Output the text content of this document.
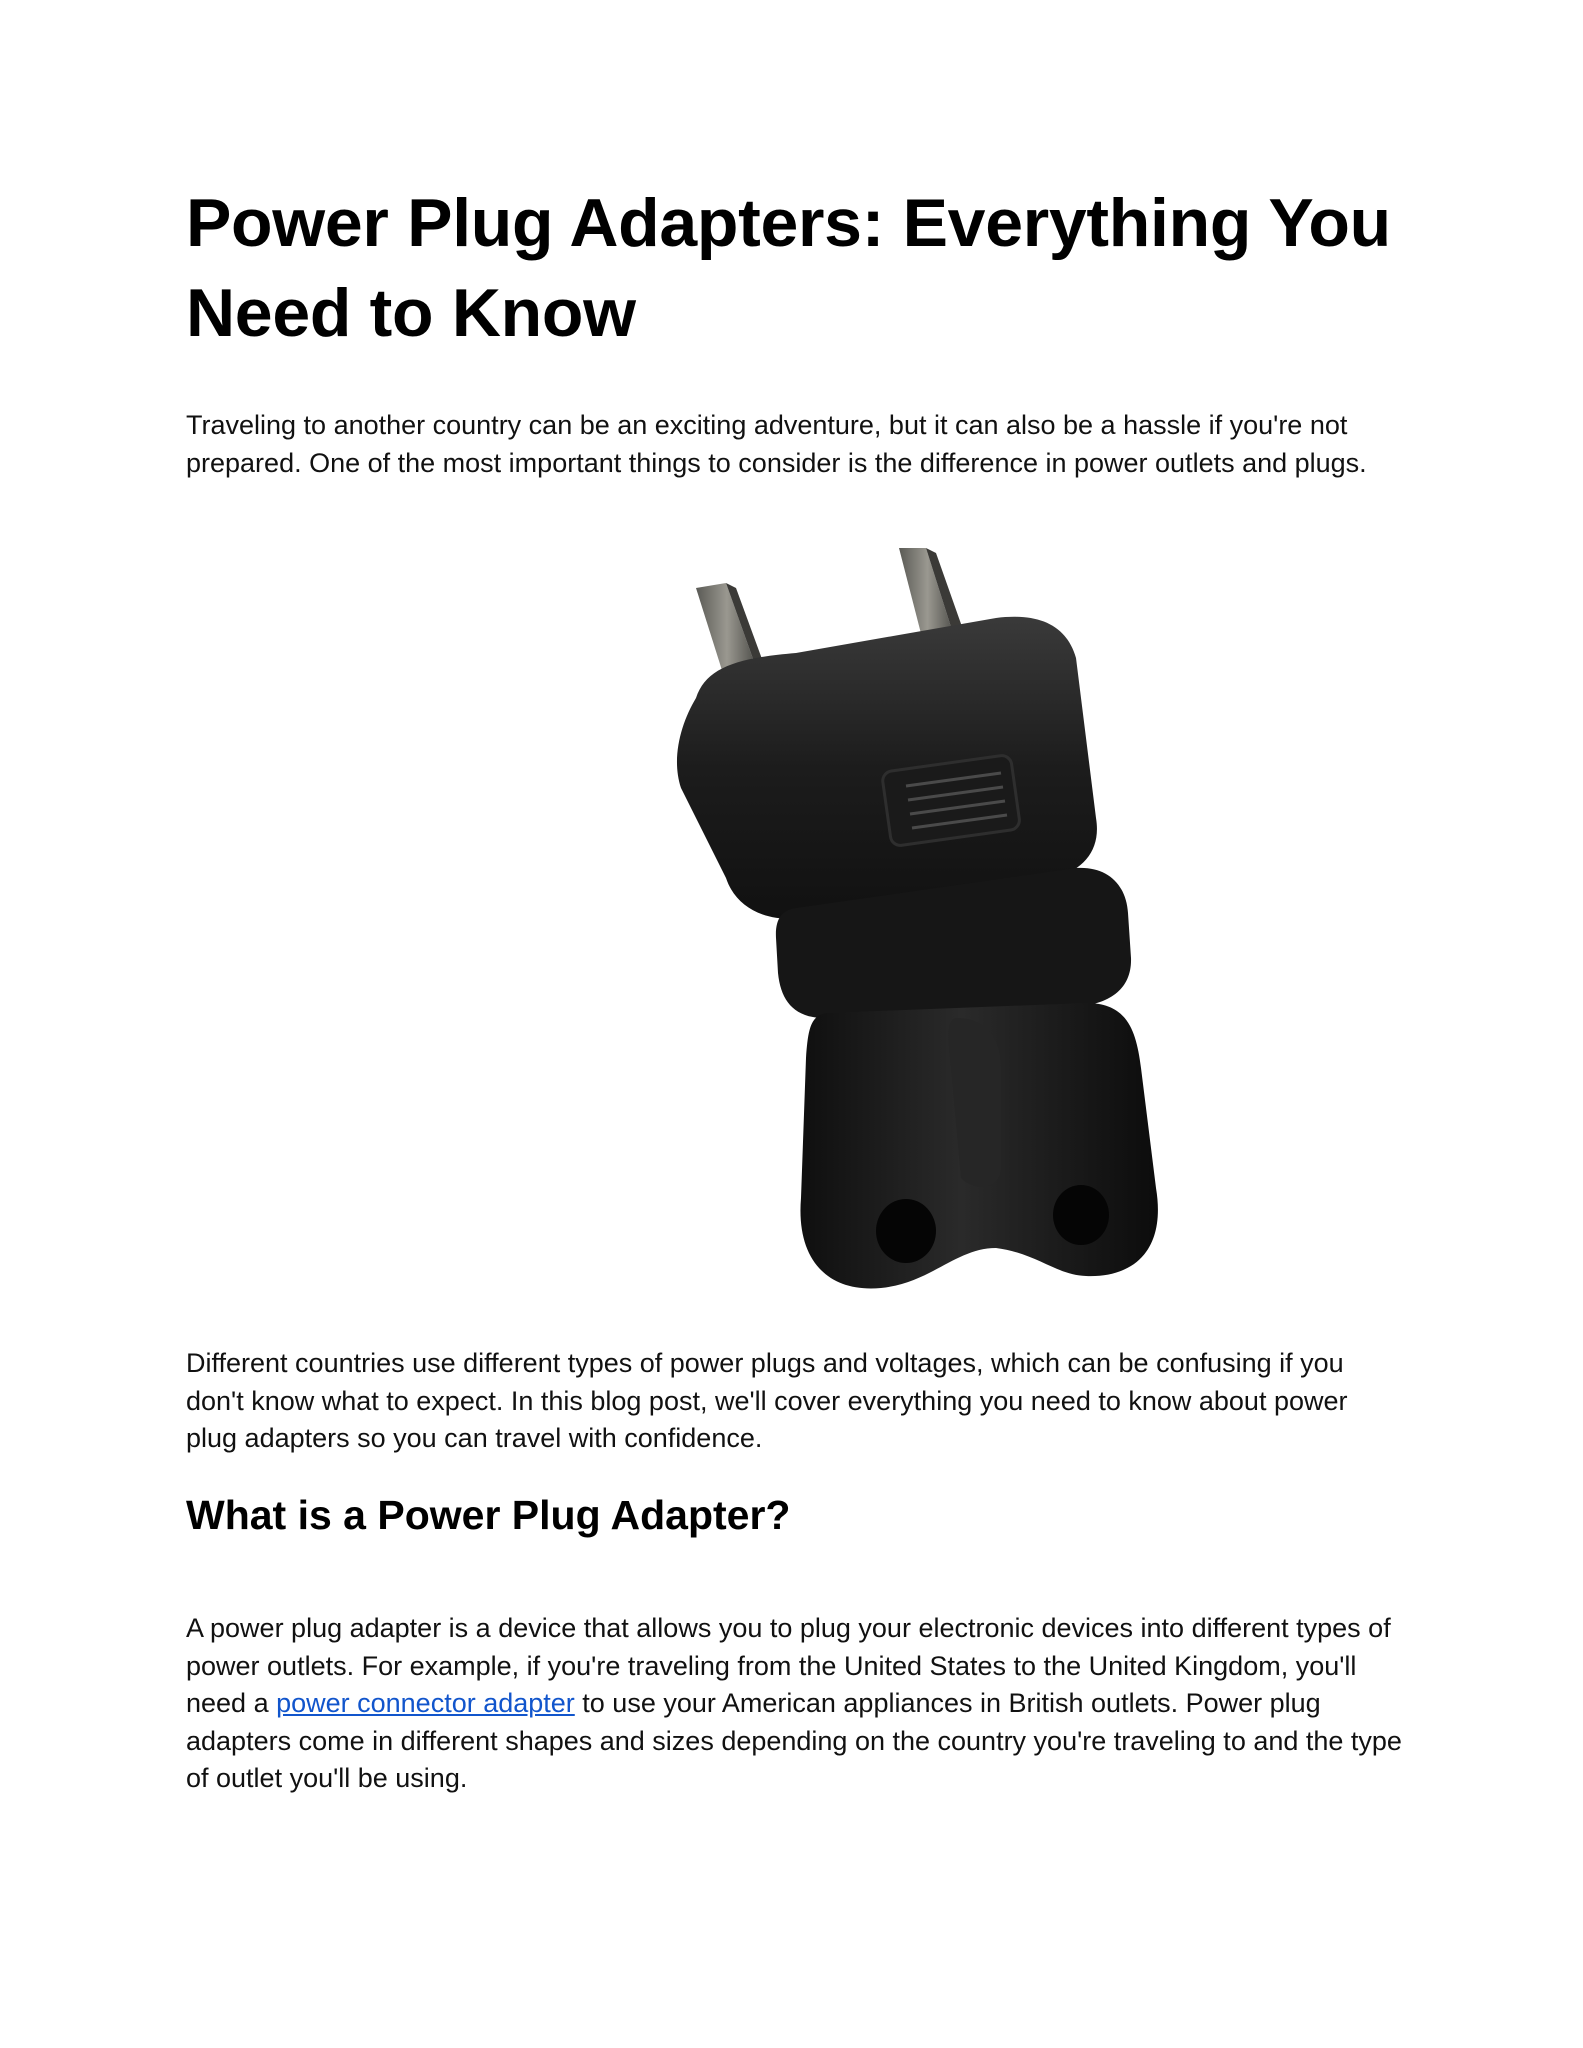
Power Plug Adapters: Everything You Need to Know

Traveling to another country can be an exciting adventure, but it can also be a hassle if you're not prepared. One of the most important things to consider is the difference in power outlets and plugs.

Different countries use different types of power plugs and voltages, which can be confusing if you don't know what to expect. In this blog post, we'll cover everything you need to know about power plug adapters so you can travel with confidence.

What is a Power Plug Adapter?

A power plug adapter is a device that allows you to plug your electronic devices into different types of power outlets. For example, if you're traveling from the United States to the United Kingdom, you'll need a power connector adapter to use your American appliances in British outlets. Power plug adapters come in different shapes and sizes depending on the country you're traveling to and the type of outlet you'll be using.
